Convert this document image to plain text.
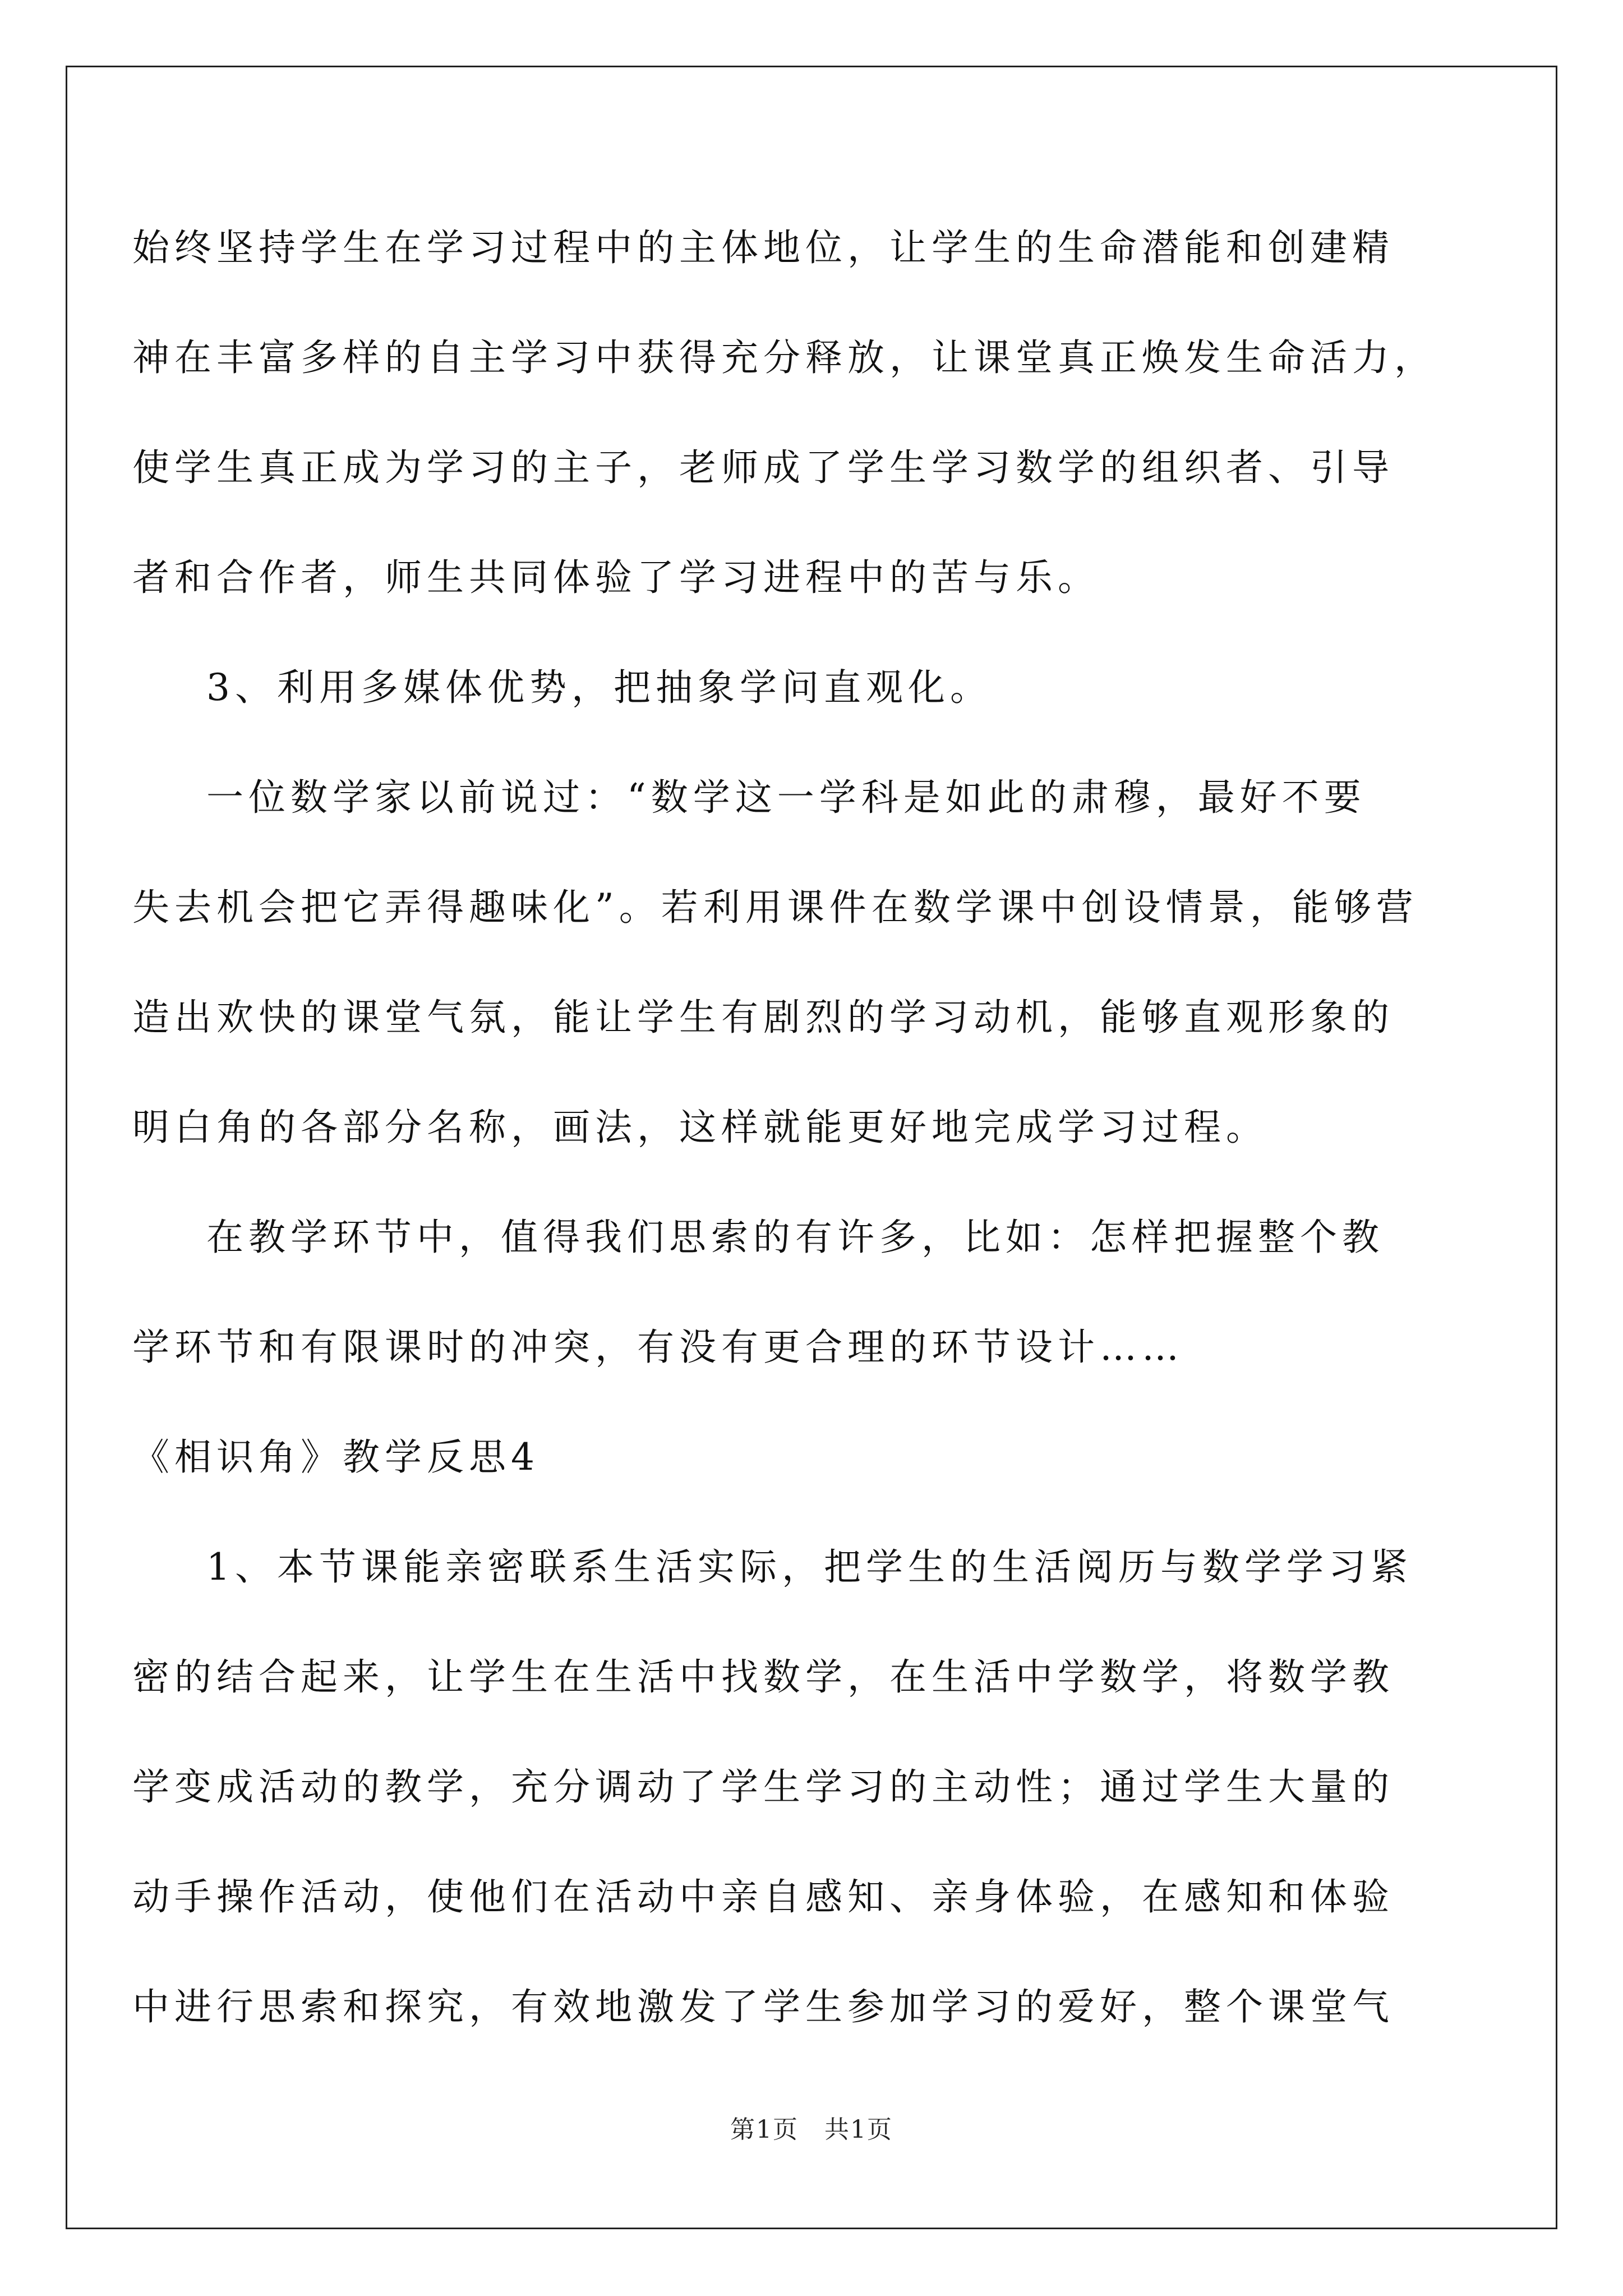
始终坚持学生在学习过程中的主体地位，让学生的生命潜能和创建精
神在丰富多样的自主学习中获得充分释放，让课堂真正焕发生命活力，
使学生真正成为学习的主子，老师成了学生学习数学的组织者、引导
者和合作者，师生共同体验了学习进程中的苦与乐。
3、利用多媒体优势，把抽象学问直观化。
一位数学家以前说过：“数学这一学科是如此的肃穆，最好不要
失去机会把它弄得趣味化”。若利用课件在数学课中创设情景，能够营
造出欢快的课堂气氛，能让学生有剧烈的学习动机，能够直观形象的
明白角的各部分名称，画法，这样就能更好地完成学习过程。
在教学环节中，值得我们思索的有许多，比如：怎样把握整个教
学环节和有限课时的冲突，有没有更合理的环节设计……
《相识角》教学反思4
1、本节课能亲密联系生活实际，把学生的生活阅历与数学学习紧
密的结合起来，让学生在生活中找数学，在生活中学数学，将数学教
学变成活动的教学，充分调动了学生学习的主动性；通过学生大量的
动手操作活动，使他们在活动中亲自感知、亲身体验，在感知和体验
中进行思索和探究，有效地激发了学生参加学习的爱好，整个课堂气
第1页　共1页
